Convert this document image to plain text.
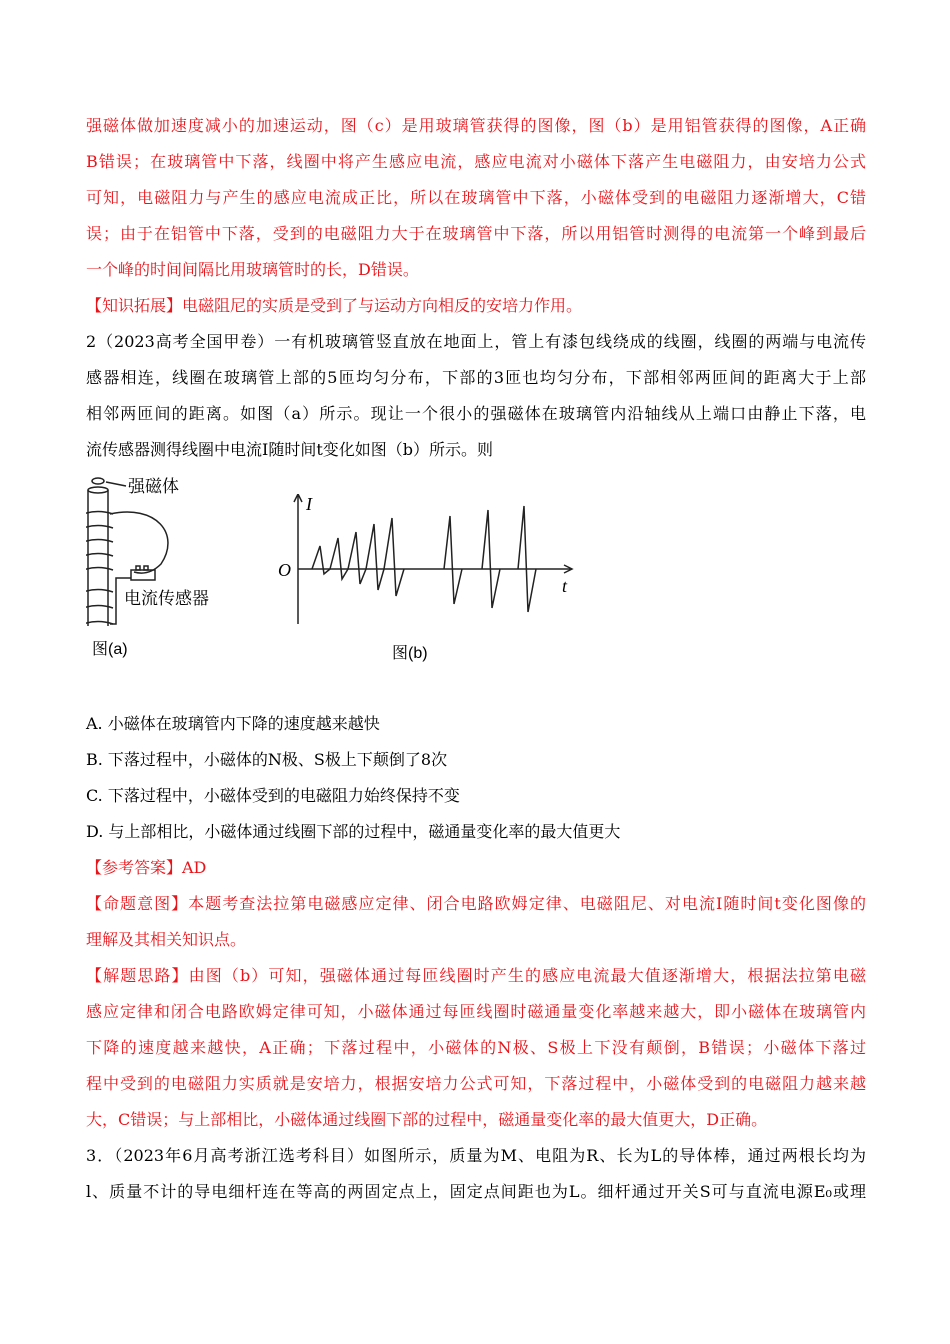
强磁体做加速度减小的加速运动，图（c）是用玻璃管获得的图像，图（b）是用铝管获得的图像，A正确
B错误；在玻璃管中下落，线圈中将产生感应电流，感应电流对小磁体下落产生电磁阻力，由安培力公式
可知，电磁阻力与产生的感应电流成正比，所以在玻璃管中下落，小磁体受到的电磁阻力逐渐增大，C错
误；由于在铝管中下落，受到的电磁阻力大于在玻璃管中下落，所以用铝管时测得的电流第一个峰到最后
一个峰的时间间隔比用玻璃管时的长，D错误。
【知识拓展】电磁阻尼的实质是受到了与运动方向相反的安培力作用。
2（2023高考全国甲卷）一有机玻璃管竖直放在地面上，管上有漆包线绕成的线圈，线圈的两端与电流传
感器相连，线圈在玻璃管上部的5匝均匀分布，下部的3匝也均匀分布，下部相邻两匝间的距离大于上部
相邻两匝间的距离。如图（a）所示。现让一个很小的强磁体在玻璃管内沿轴线从上端口由静止下落，电
流传感器测得线圈中电流I随时间t变化如图（b）所示。则
强磁体
电流传感器
图(a)
I
O
t
图(b)
A. 小磁体在玻璃管内下降的速度越来越快
B. 下落过程中，小磁体的N极、S极上下颠倒了8次
C. 下落过程中，小磁体受到的电磁阻力始终保持不变
D. 与上部相比，小磁体通过线圈下部的过程中，磁通量变化率的最大值更大
【参考答案】AD
【命题意图】本题考查法拉第电磁感应定律、闭合电路欧姆定律、电磁阻尼、对电流I随时间t变化图像的
理解及其相关知识点。
【解题思路】由图（b）可知，强磁体通过每匝线圈时产生的感应电流最大值逐渐增大，根据法拉第电磁
感应定律和闭合电路欧姆定律可知，小磁体通过每匝线圈时磁通量变化率越来越大，即小磁体在玻璃管内
下降的速度越来越快，A正确；下落过程中，小磁体的N极、S极上下没有颠倒，B错误；小磁体下落过
程中受到的电磁阻力实质就是安培力，根据安培力公式可知，下落过程中，小磁体受到的电磁阻力越来越
大，C错误；与上部相比，小磁体通过线圈下部的过程中，磁通量变化率的最大值更大，D正确。
3．（2023年6月高考浙江选考科目）如图所示，质量为M、电阻为R、长为L的导体棒，通过两根长均为
l、质量不计的导电细杆连在等高的两固定点上，固定点间距也为L。细杆通过开关S可与直流电源E₀或理
